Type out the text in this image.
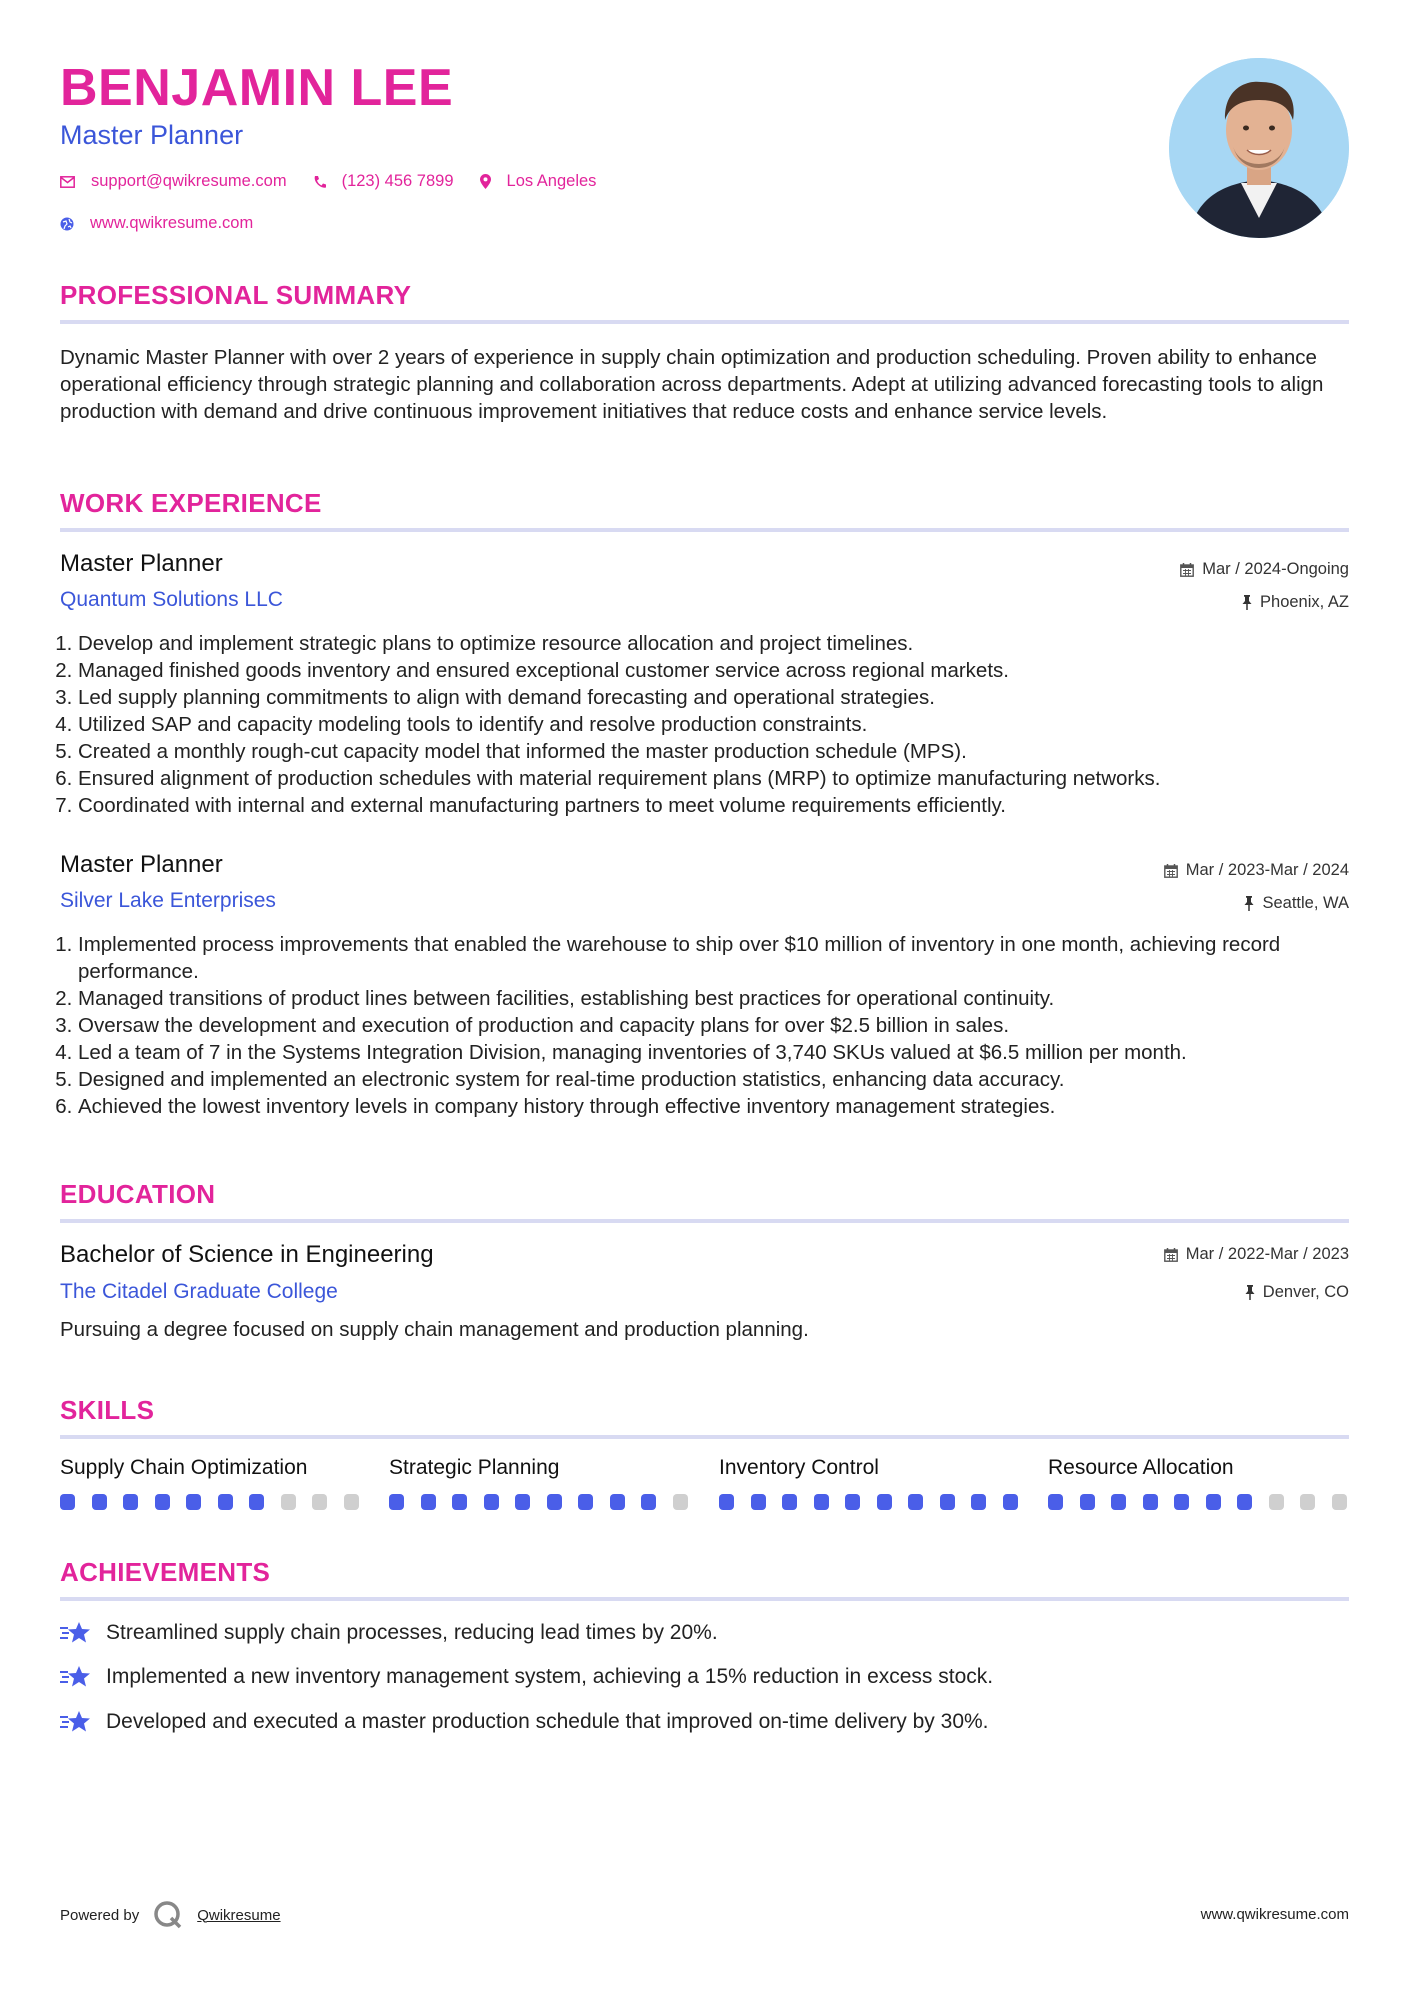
BENJAMIN LEE
Master Planner
support@qwikresume.com	(123) 456 7899	Los Angeles
www.qwikresume.com
PROFESSIONAL SUMMARY
Dynamic Master Planner with over 2 years of experience in supply chain optimization and production scheduling. Proven ability to enhance operational efficiency through strategic planning and collaboration across departments. Adept at utilizing advanced forecasting tools to align production with demand and drive continuous improvement initiatives that reduce costs and enhance service levels.
WORK EXPERIENCE
Master Planner
Quantum Solutions LLC
Mar / 2024-Ongoing
Phoenix, AZ
1. Develop and implement strategic plans to optimize resource allocation and project timelines.
2. Managed finished goods inventory and ensured exceptional customer service across regional markets.
3. Led supply planning commitments to align with demand forecasting and operational strategies.
4. Utilized SAP and capacity modeling tools to identify and resolve production constraints.
5. Created a monthly rough-cut capacity model that informed the master production schedule (MPS).
6. Ensured alignment of production schedules with material requirement plans (MRP) to optimize manufacturing networks.
7. Coordinated with internal and external manufacturing partners to meet volume requirements efficiently.
Master Planner
Silver Lake Enterprises
Mar / 2023-Mar / 2024
Seattle, WA
1. Implemented process improvements that enabled the warehouse to ship over $10 million of inventory in one month, achieving record performance.
2. Managed transitions of product lines between facilities, establishing best practices for operational continuity.
3. Oversaw the development and execution of production and capacity plans for over $2.5 billion in sales.
4. Led a team of 7 in the Systems Integration Division, managing inventories of 3,740 SKUs valued at $6.5 million per month.
5. Designed and implemented an electronic system for real-time production statistics, enhancing data accuracy.
6. Achieved the lowest inventory levels in company history through effective inventory management strategies.
EDUCATION
Bachelor of Science in Engineering
The Citadel Graduate College
Mar / 2022-Mar / 2023
Denver, CO
Pursuing a degree focused on supply chain management and production planning.
SKILLS
Supply Chain Optimization	Strategic Planning	Inventory Control	Resource Allocation
ACHIEVEMENTS
Streamlined supply chain processes, reducing lead times by 20%.
Implemented a new inventory management system, achieving a 15% reduction in excess stock.
Developed and executed a master production schedule that improved on-time delivery by 30%.
Powered by	Qwikresume	www.qwikresume.com
